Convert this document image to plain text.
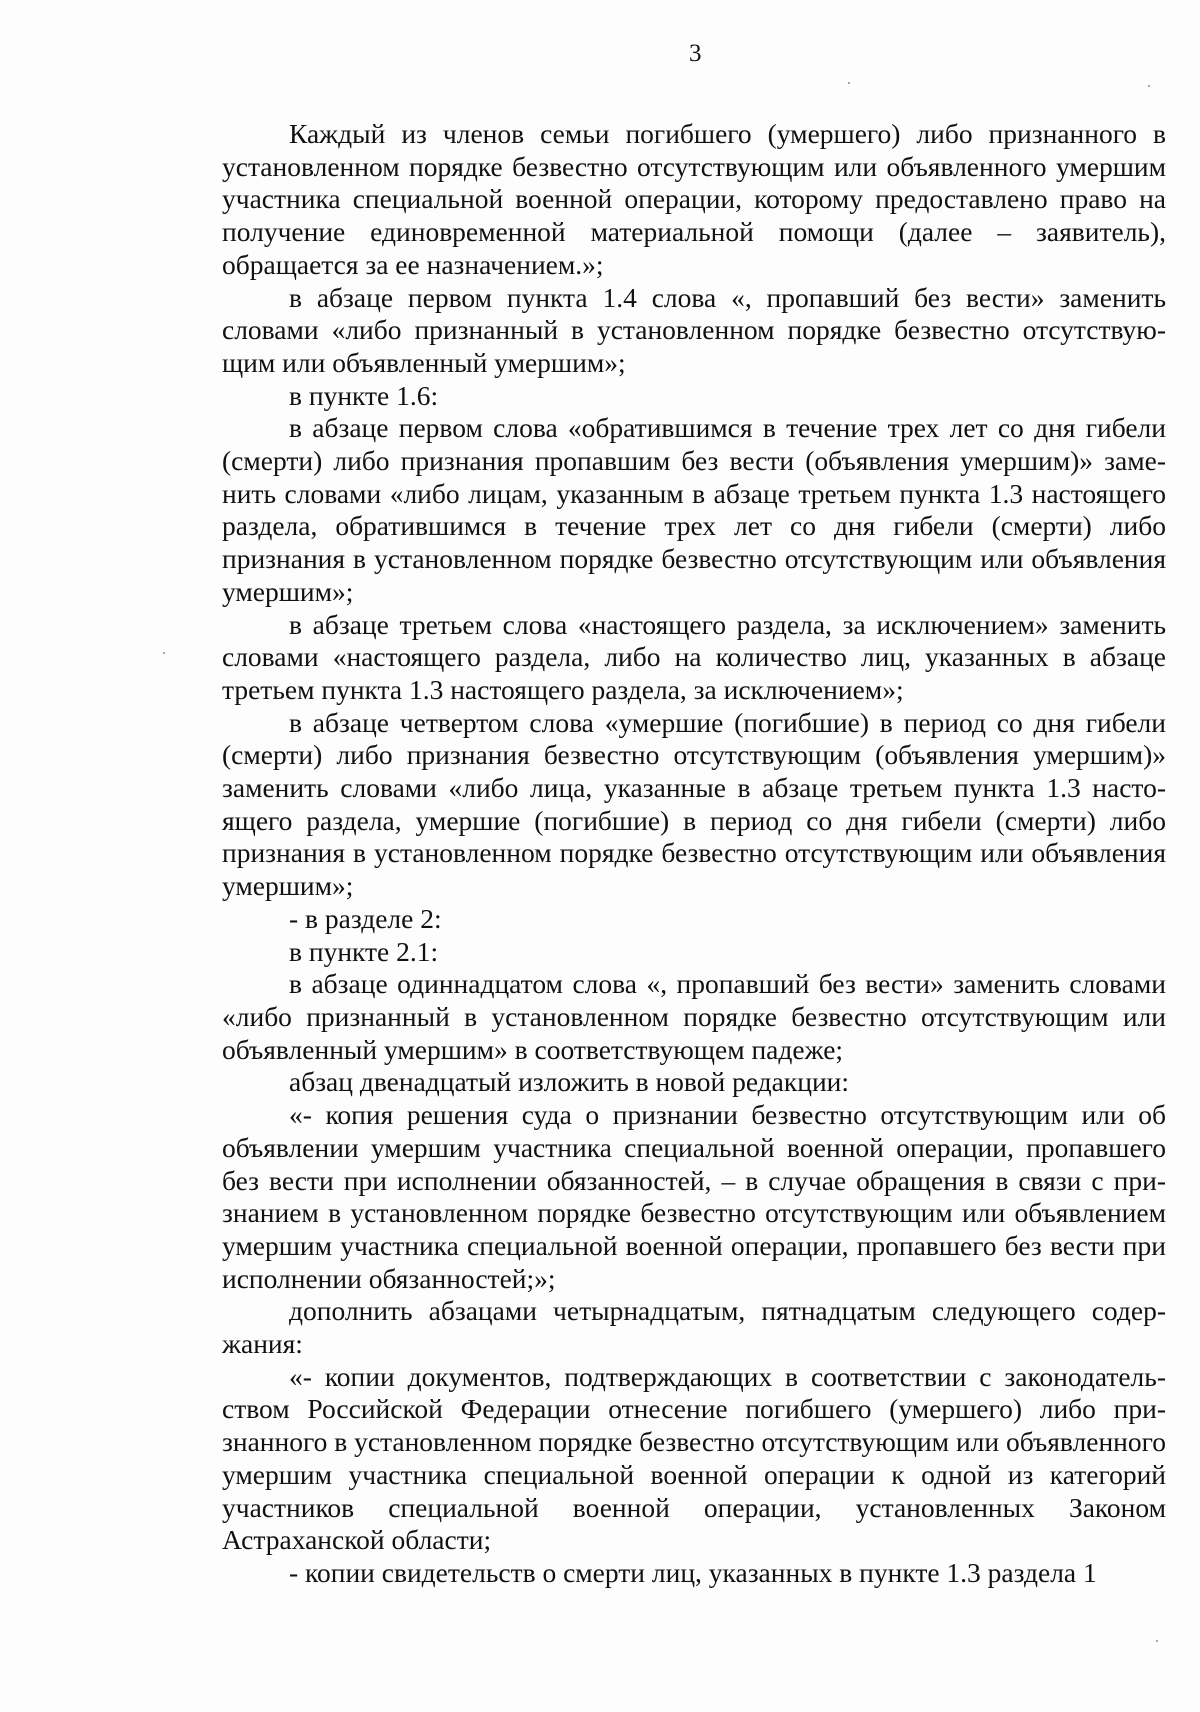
3

Каждый из членов семьи погибшего (умершего) либо признанного в установленном порядке безвестно отсутствующим или объявленного умершим участника специальной военной операции, которому предоставлено право на получение единовременной материальной помощи (далее – заявитель), обращается за ее назначением.»;

в абзаце первом пункта 1.4 слова «, пропавший без вести» заменить словами «либо признанный в установленном порядке безвестно отсутствующим или объявленный умершим»;

в пункте 1.6:

в абзаце первом слова «обратившимся в течение трех лет со дня гибели (смерти) либо признания пропавшим без вести (объявления умершим)» заменить словами «либо лицам, указанным в абзаце третьем пункта 1.3 настоящего раздела, обратившимся в течение трех лет со дня гибели (смерти) либо признания в установленном порядке безвестно отсутствующим или объявления умершим»;

в абзаце третьем слова «настоящего раздела, за исключением» заменить словами «настоящего раздела, либо на количество лиц, указанных в абзаце третьем пункта 1.3 настоящего раздела, за исключением»;

в абзаце четвертом слова «умершие (погибшие) в период со дня гибели (смерти) либо признания безвестно отсутствующим (объявления умершим)» заменить словами «либо лица, указанные в абзаце третьем пункта 1.3 настоящего раздела, умершие (погибшие) в период со дня гибели (смерти) либо признания в установленном порядке безвестно отсутствующим или объявления умершим»;

- в разделе 2:

в пункте 2.1:

в абзаце одиннадцатом слова «, пропавший без вести» заменить словами «либо признанный в установленном порядке безвестно отсутствующим или объявленный умершим» в соответствующем падеже;

абзац двенадцатый изложить в новой редакции:

«- копия решения суда о признании безвестно отсутствующим или об объявлении умершим участника специальной военной операции, пропавшего без вести при исполнении обязанностей, – в случае обращения в связи с признанием в установленном порядке безвестно отсутствующим или объявлением умершим участника специальной военной операции, пропавшего без вести при исполнении обязанностей;»;

дополнить абзацами четырнадцатым, пятнадцатым следующего содержания:

«- копии документов, подтверждающих в соответствии с законодательством Российской Федерации отнесение погибшего (умершего) либо признанного в установленном порядке безвестно отсутствующим или объявленного умершим участника специальной военной операции к одной из категорий участников специальной военной операции, установленных Законом Астраханской области;

- копии свидетельств о смерти лиц, указанных в пункте 1.3 раздела 1
